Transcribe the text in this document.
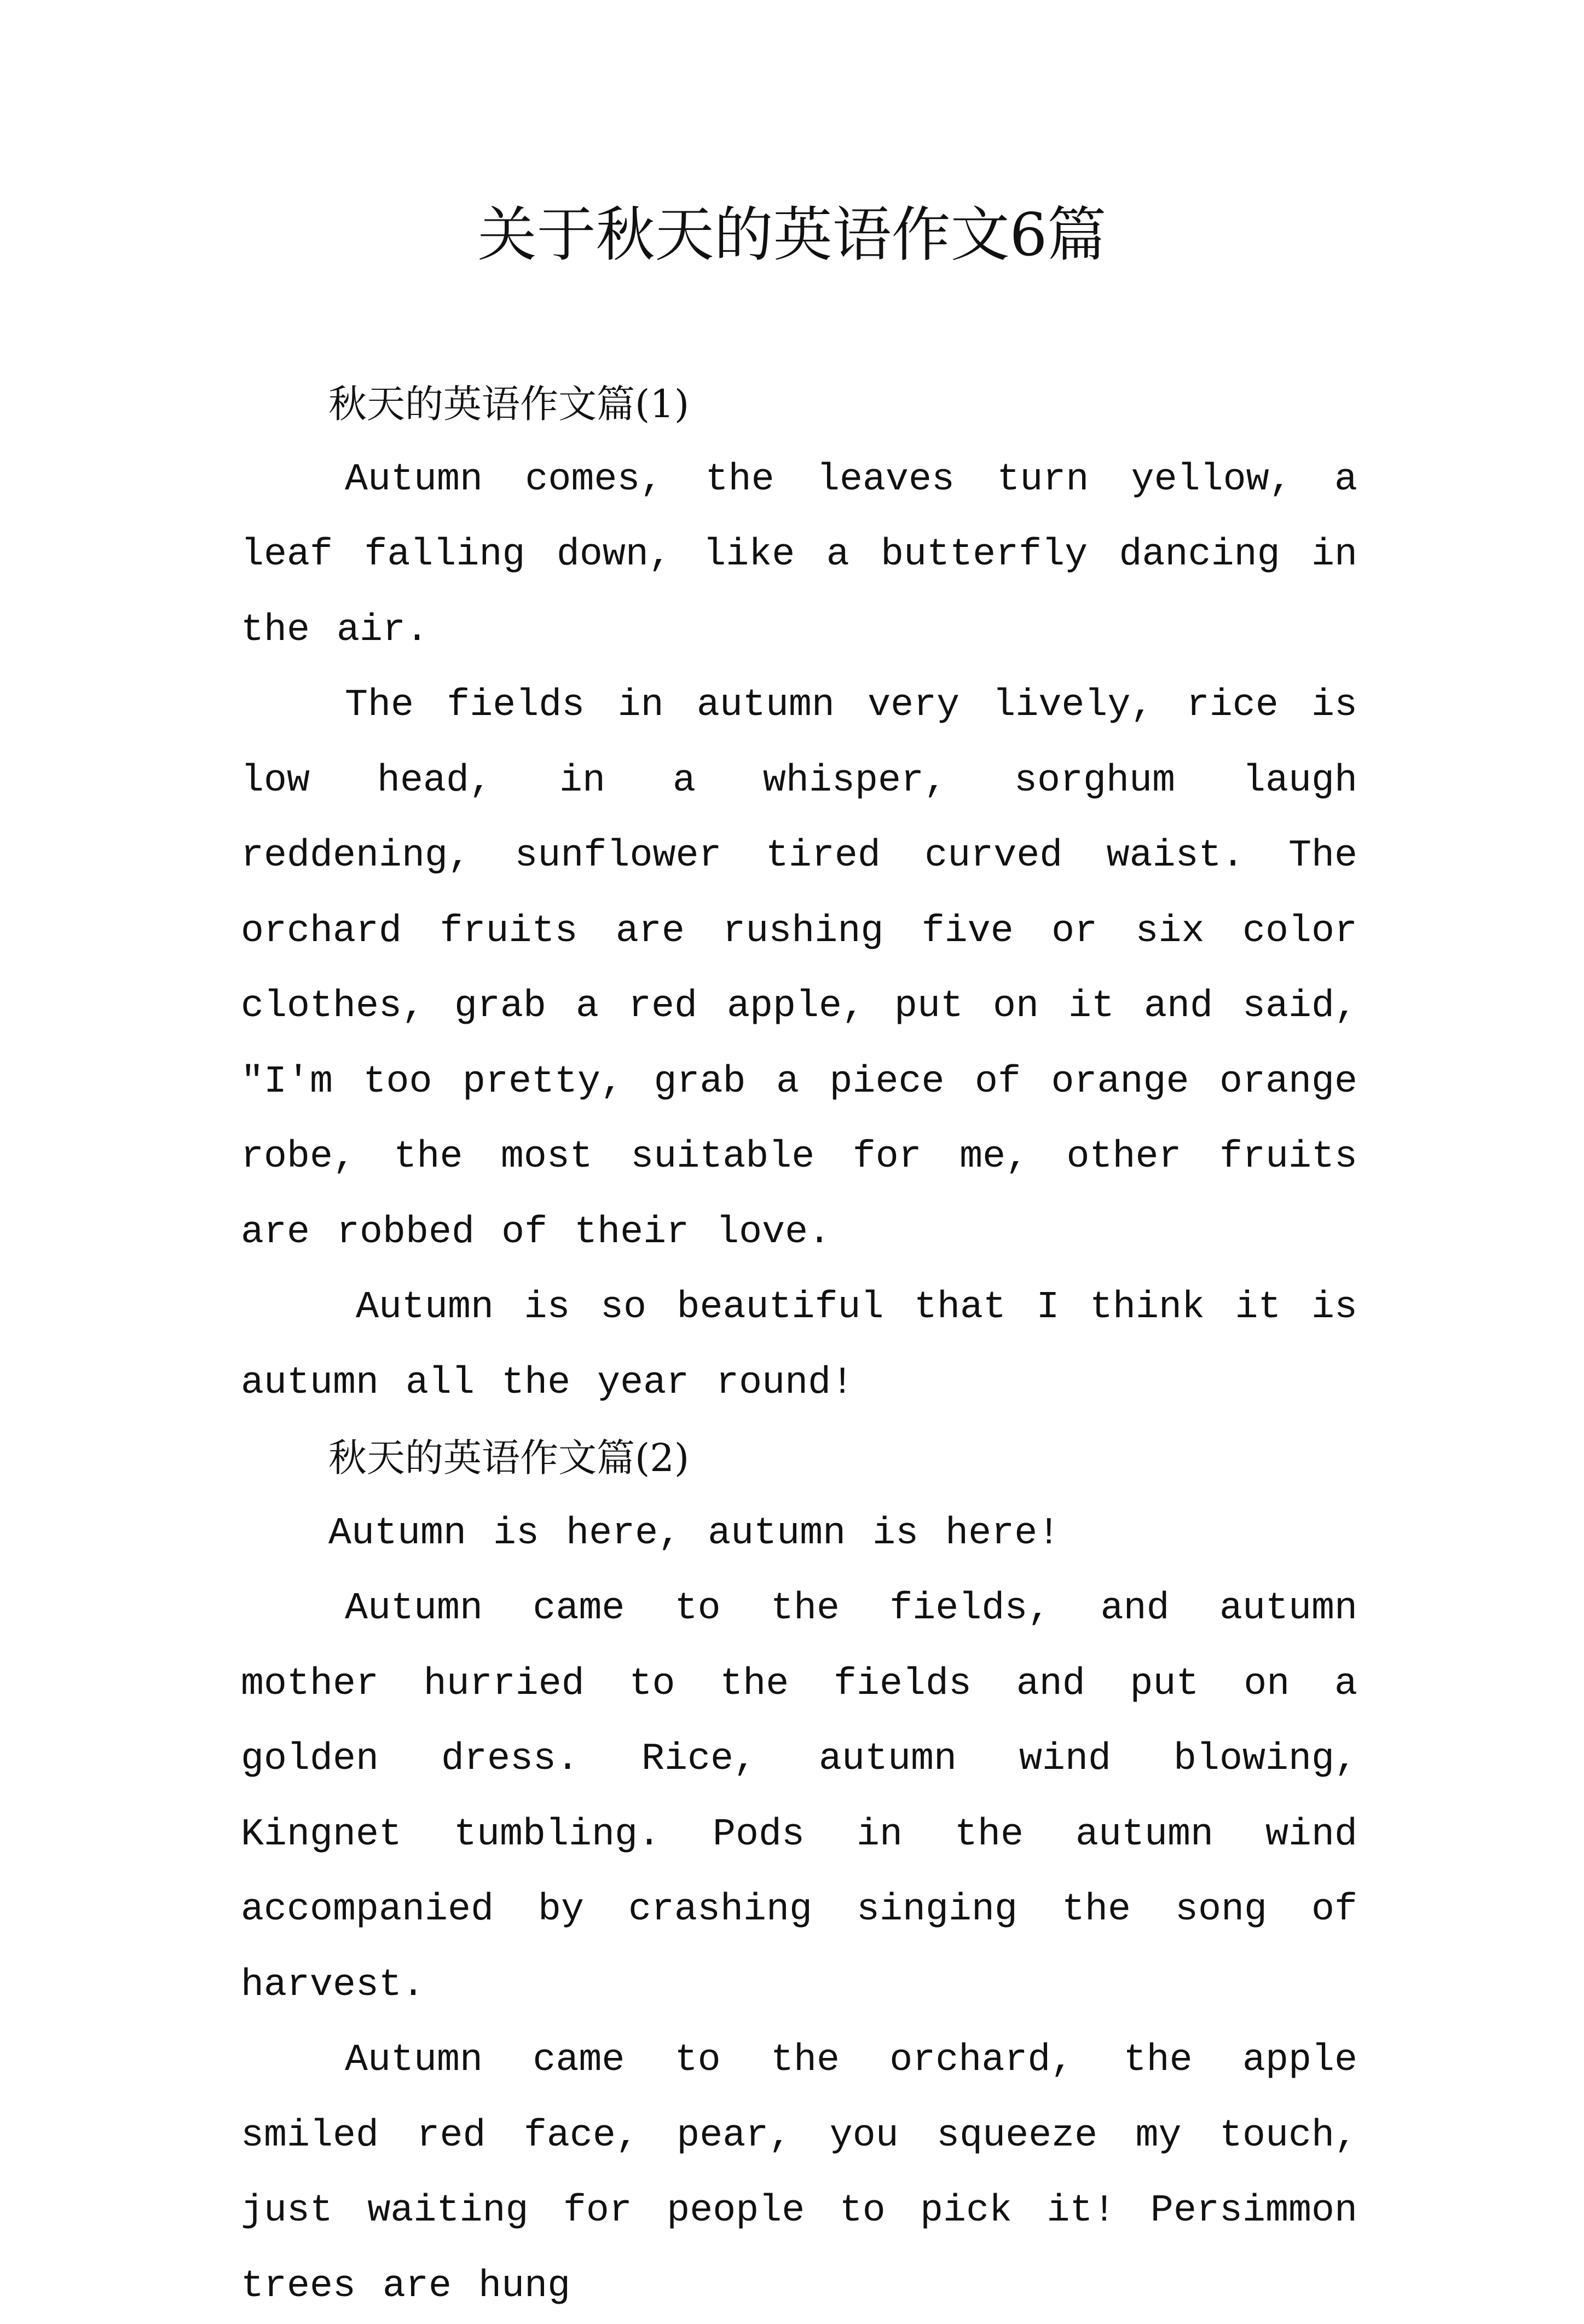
关于秋天的英语作文6篇

秋天的英语作文篇(1)

Autumn comes, the leaves turn yellow, a leaf falling down, like a butterfly dancing in the air.

The fields in autumn very lively, rice is low head, in a whisper, sorghum laugh reddening, sunflower tired curved waist. The orchard fruits are rushing five or six color clothes, grab a red apple, put on it and said, "I'm too pretty, grab a piece of orange orange robe, the most suitable for me, other fruits are robbed of their love.

Autumn is so beautiful that I think it is autumn all the year round!

秋天的英语作文篇(2)

Autumn is here, autumn is here!

Autumn came to the fields, and autumn mother hurried to the fields and put on a golden dress. Rice, autumn wind blowing, Kingnet tumbling. Pods in the autumn wind accompanied by crashing singing the song of harvest.

Autumn came to the orchard, the apple smiled red face, pear, you squeeze my touch, just waiting for people to pick it! Persimmon trees are hung
